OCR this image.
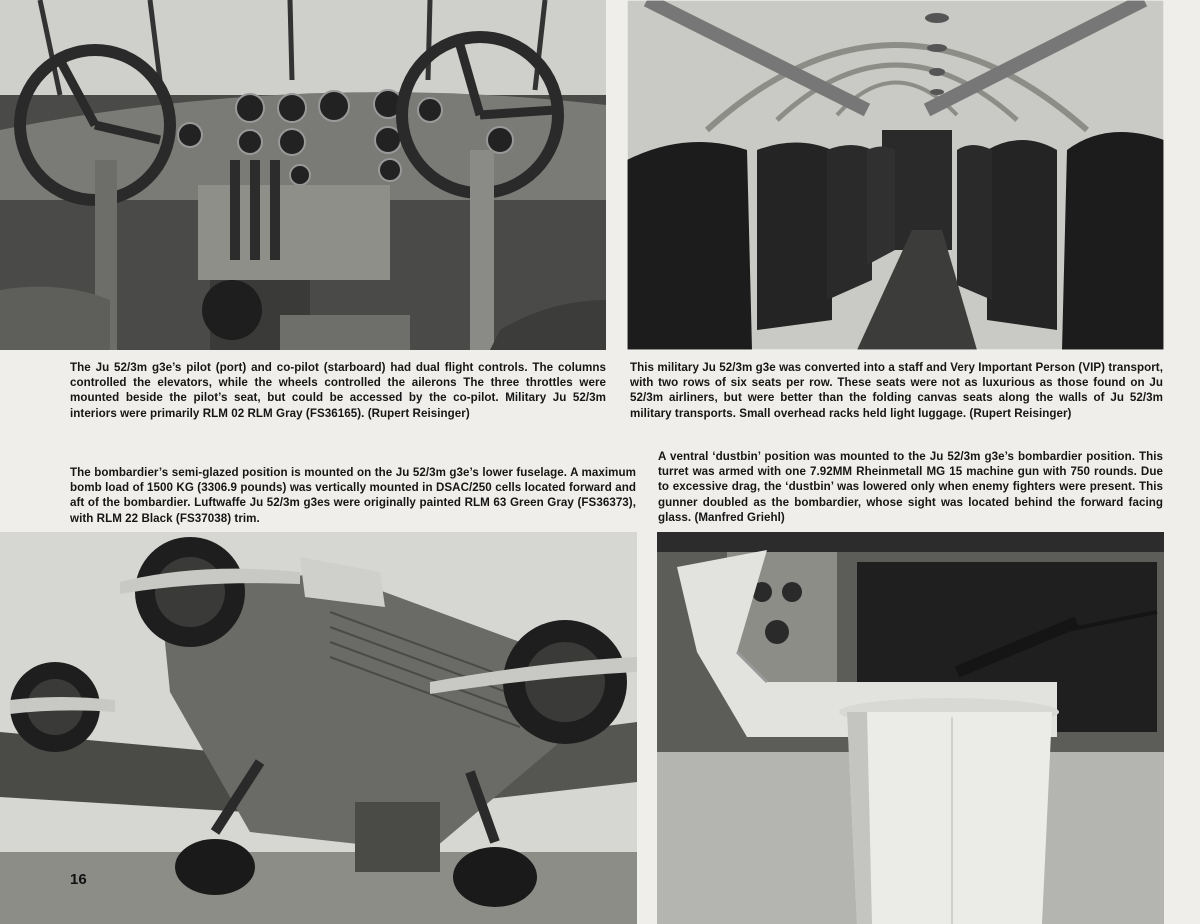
The Ju 52/3m g3e’s pilot (port) and co-pilot (starboard) had dual flight controls. The columns controlled the elevators, while the wheels controlled the ailerons The three throttles were mounted beside the pilot’s seat, but could be accessed by the co-pilot. Military Ju 52/3m interiors were primarily RLM 02 RLM Gray (FS36165). (Rupert Reisinger)
This military Ju 52/3m g3e was converted into a staff and Very Important Person (VIP) transport, with two rows of six seats per row. These seats were not as luxurious as those found on Ju 52/3m airliners, but were better than the folding canvas seats along the walls of Ju 52/3m military transports. Small overhead racks held light luggage. (Rupert Reisinger)
The bombardier’s semi-glazed position is mounted on the Ju 52/3m g3e’s lower fuselage. A maximum bomb load of 1500 KG (3306.9 pounds) was vertically mounted in DSAC/250 cells located forward and aft of the bombardier. Luftwaffe Ju 52/3m g3es were originally painted RLM 63 Green Gray (FS36373), with RLM 22 Black (FS37038) trim.
A ventral ‘dustbin’ position was mounted to the Ju 52/3m g3e’s bombardier position. This turret was armed with one 7.92MM Rheinmetall MG 15 machine gun with 750 rounds. Due to excessive drag, the ‘dustbin’ was lowered only when enemy fighters were present. This gunner doubled as the bombardier, whose sight was located behind the forward facing glass. (Manfred Griehl)
16
